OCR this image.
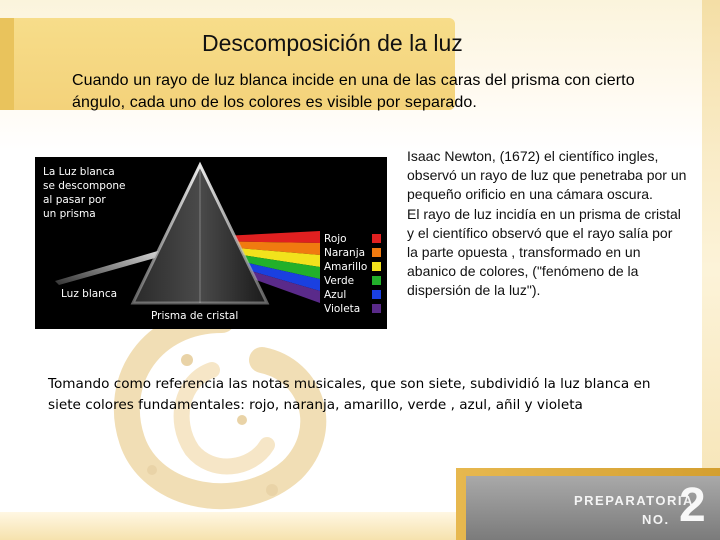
Descomposición de la luz
Cuando un rayo de luz blanca incide en una de las caras del prisma con cierto ángulo, cada uno de los colores es visible por separado.
La Luz blanca
se descompone
al pasar por
un prisma
Luz blanca
Prisma de cristal
Rojo
Naranja
Amarillo
Verde
Azul
Violeta

Isaac Newton, (1672) el científico ingles, observó un rayo de luz que penetraba por un pequeño orificio en una cámara oscura.

El rayo de luz incidía en un prisma de cristal y el científico observó que el rayo salía por la parte opuesta , transformado en un abanico de colores, ("fenómeno de la dispersión de la luz").

Tomando como referencia las notas musicales, que son siete, subdividió la luz blanca en siete colores fundamentales: rojo, naranja, amarillo, verde , azul, añil y violeta
PREPARATORIA
NO. 2
